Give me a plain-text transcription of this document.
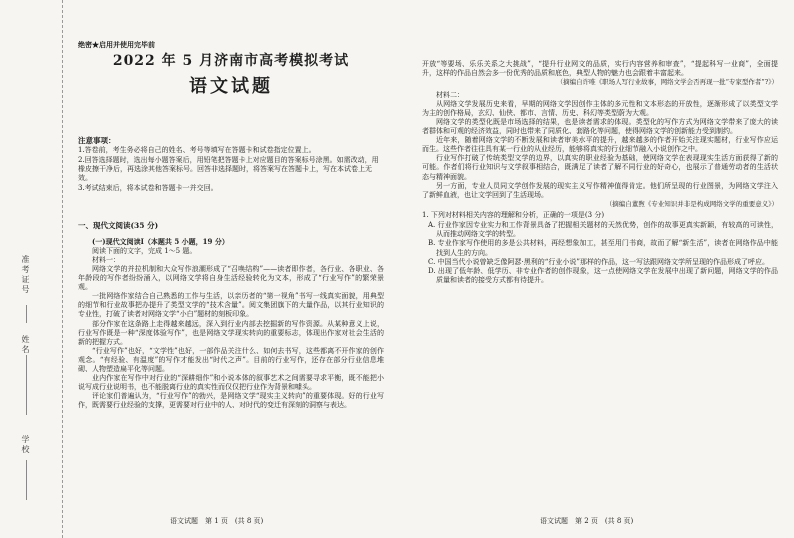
准考证号
姓名
学校
绝密★启用并使用完毕前
2022 年 5 月济南市高考模拟考试
语文试题
注意事项：
1.答卷前，考生务必将自己的姓名、考号等填写在答题卡和试卷指定位置上。
2.回答选择题时，选出每小题答案后，用铅笔把答题卡上对应题目的答案标号涂黑。如需改动，用橡皮擦干净后，再选涂其他答案标号。回答非选择题时，将答案写在答题卡上，写在本试卷上无效。
3.考试结束后，将本试卷和答题卡一并交回。
一、现代文阅读(35 分)
(一)现代文阅读Ⅰ（本题共 5 小题，19 分）
阅读下面的文字，完成 1～5 题。
材料一：

网络文学的并拉机制和大众写作浪潮形成了“召唤结构”——读者即作者，各行业、各职业、各年龄段的写作者纷纷涌入，以网络文学将自身生活经验转化为文本，形成了“行业写作”的繁荣景观。

一批网络作家结合自己熟悉的工作与生活，以亲历者的“第一视角”书写一线真实面貌，用典型的细节和行业故事把办提升了类型文学的“技术含量”。阅文集团旗下的大量作品，以其行业知识的专业性，打破了读者对网络文学“小白”题材的刻板印象。

部分作家在这条路上走得越来越远，深入到行业内部去挖掘新的写作资源。从某种意义上说，行业写作既是一种“深度体验写作”，也是网络文学现实转向的重要标志，体现出作家对社会生活的新的把握方式。

“行业写作”也好，“文学性”也好，一部作品关注什么、如何去书写，这些都离不开作家的创作观念。“有经验、有温度”的写作才能发出“时代之声”。目前的行业写作，还存在部分行业信息堆砌、人物塑造扁平化等问题。

业内作家在写作中对行业的“深耕细作”和小说本体的叙事艺术之间需要寻求平衡，既不能把小说写成行业说明书，也不能脱离行业的真实性而仅仅把行业作为背景和噱头。

评论家们普遍认为，“行业写作”的勃兴，是网络文学“现实主义转向”的重要体现。好的行业写作，既需要行业经验的支撑，更需要对行业中的人、对时代的变迁有深刻的洞察与表达。

语文试题　第 1 页　(共 8 页)

开放“等要场、乐乐关系之大挑战”，“提升行业网文的品质，实行内容营养和审查”，“提起科写一业商”，全面提升，这样的作品自然会多一份优秀的品质和底色，典型人物的魅力也会跟着丰富起来。

（摘编自许唯《职场人写行业故事，网络文学会否再现一批“专家型作者”?》）
材料二：

从网络文学发展历史来看，早期的网络文学因创作主体的多元性和文本形态的开放性，逐渐形成了以类型文学为主的创作格局，玄幻、仙侠、都市、言情、历史、科幻等类型蔚为大观。

网络文学的类型化既是市场选择的结果，也是读者需求的体现。类型化的写作方式为网络文学带来了庞大的读者群体和可观的经济效益，同时也带来了同质化、套路化等问题，使得网络文学的创新能力受到制约。

近年来，随着网络文学的不断发展和读者审美水平的提升，越来越多的作者开始关注现实题材，行业写作应运而生。这些作者往往具有某一行业的从业经历，能够将真实的行业细节融入小说创作之中。

行业写作打破了传统类型文学的边界，以真实的职业经验为基础，使网络文学在表现现实生活方面获得了新的可能。作者们将行业知识与文学叙事相结合，既满足了读者了解不同行业的好奇心，也展示了普通劳动者的生活状态与精神面貌。

另一方面，专业人员同文学创作发展的现实主义写作精神值得肯定。他们所呈现的行业图景，为网络文学注入了新鲜血液，也让文学回到了生活现场。

（摘编自董煦《专业知识并非是构成网络文学的重要意义》）
1. 下列对材料相关内容的理解和分析，正确的一项是(3 分)
A. 行业作家因专业实力和工作背景具备了把握相关题材的天然优势，创作的故事更真实新颖，有较高的可读性，从而推动网络文学的转型。
B. 专业作家写作使用的多是公共材料，再经想象加工，甚至用门书商，故而了解“新生活”，读者在网络作品中能找到人生的方向。
C. 中国当代小说曾缺乏像阿瑟·黑利的“行业小说”那样的作品，这一写法跟网络文学所呈现的作品形成了呼应。
D. 出现了低年龄、低学历、非专业作者的创作现象，这一点使网络文学在发展中出现了新问题，网络文学的作品质量和读者的接受方式都有待提升。
语文试题　第 2 页　(共 8 页)
